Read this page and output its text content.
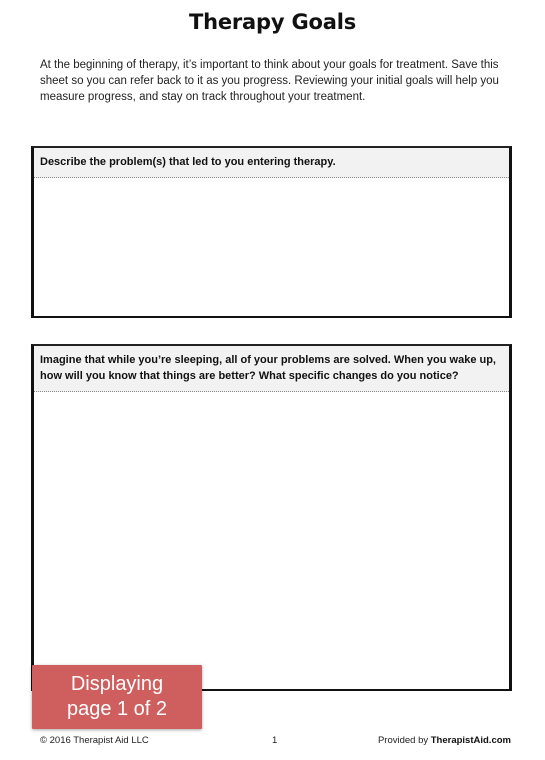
Therapy Goals
At the beginning of therapy, it’s important to think about your goals for treatment. Save this sheet so you can refer back to it as you progress. Reviewing your initial goals will help you measure progress, and stay on track throughout your treatment.
Describe the problem(s) that led to you entering therapy.
Imagine that while you’re sleeping, all of your problems are solved. When you wake up, how will you know that things are better? What specific changes do you notice?
Displaying
page 1 of 2
© 2016 Therapist Aid LLC	1	Provided by TherapistAid.com
